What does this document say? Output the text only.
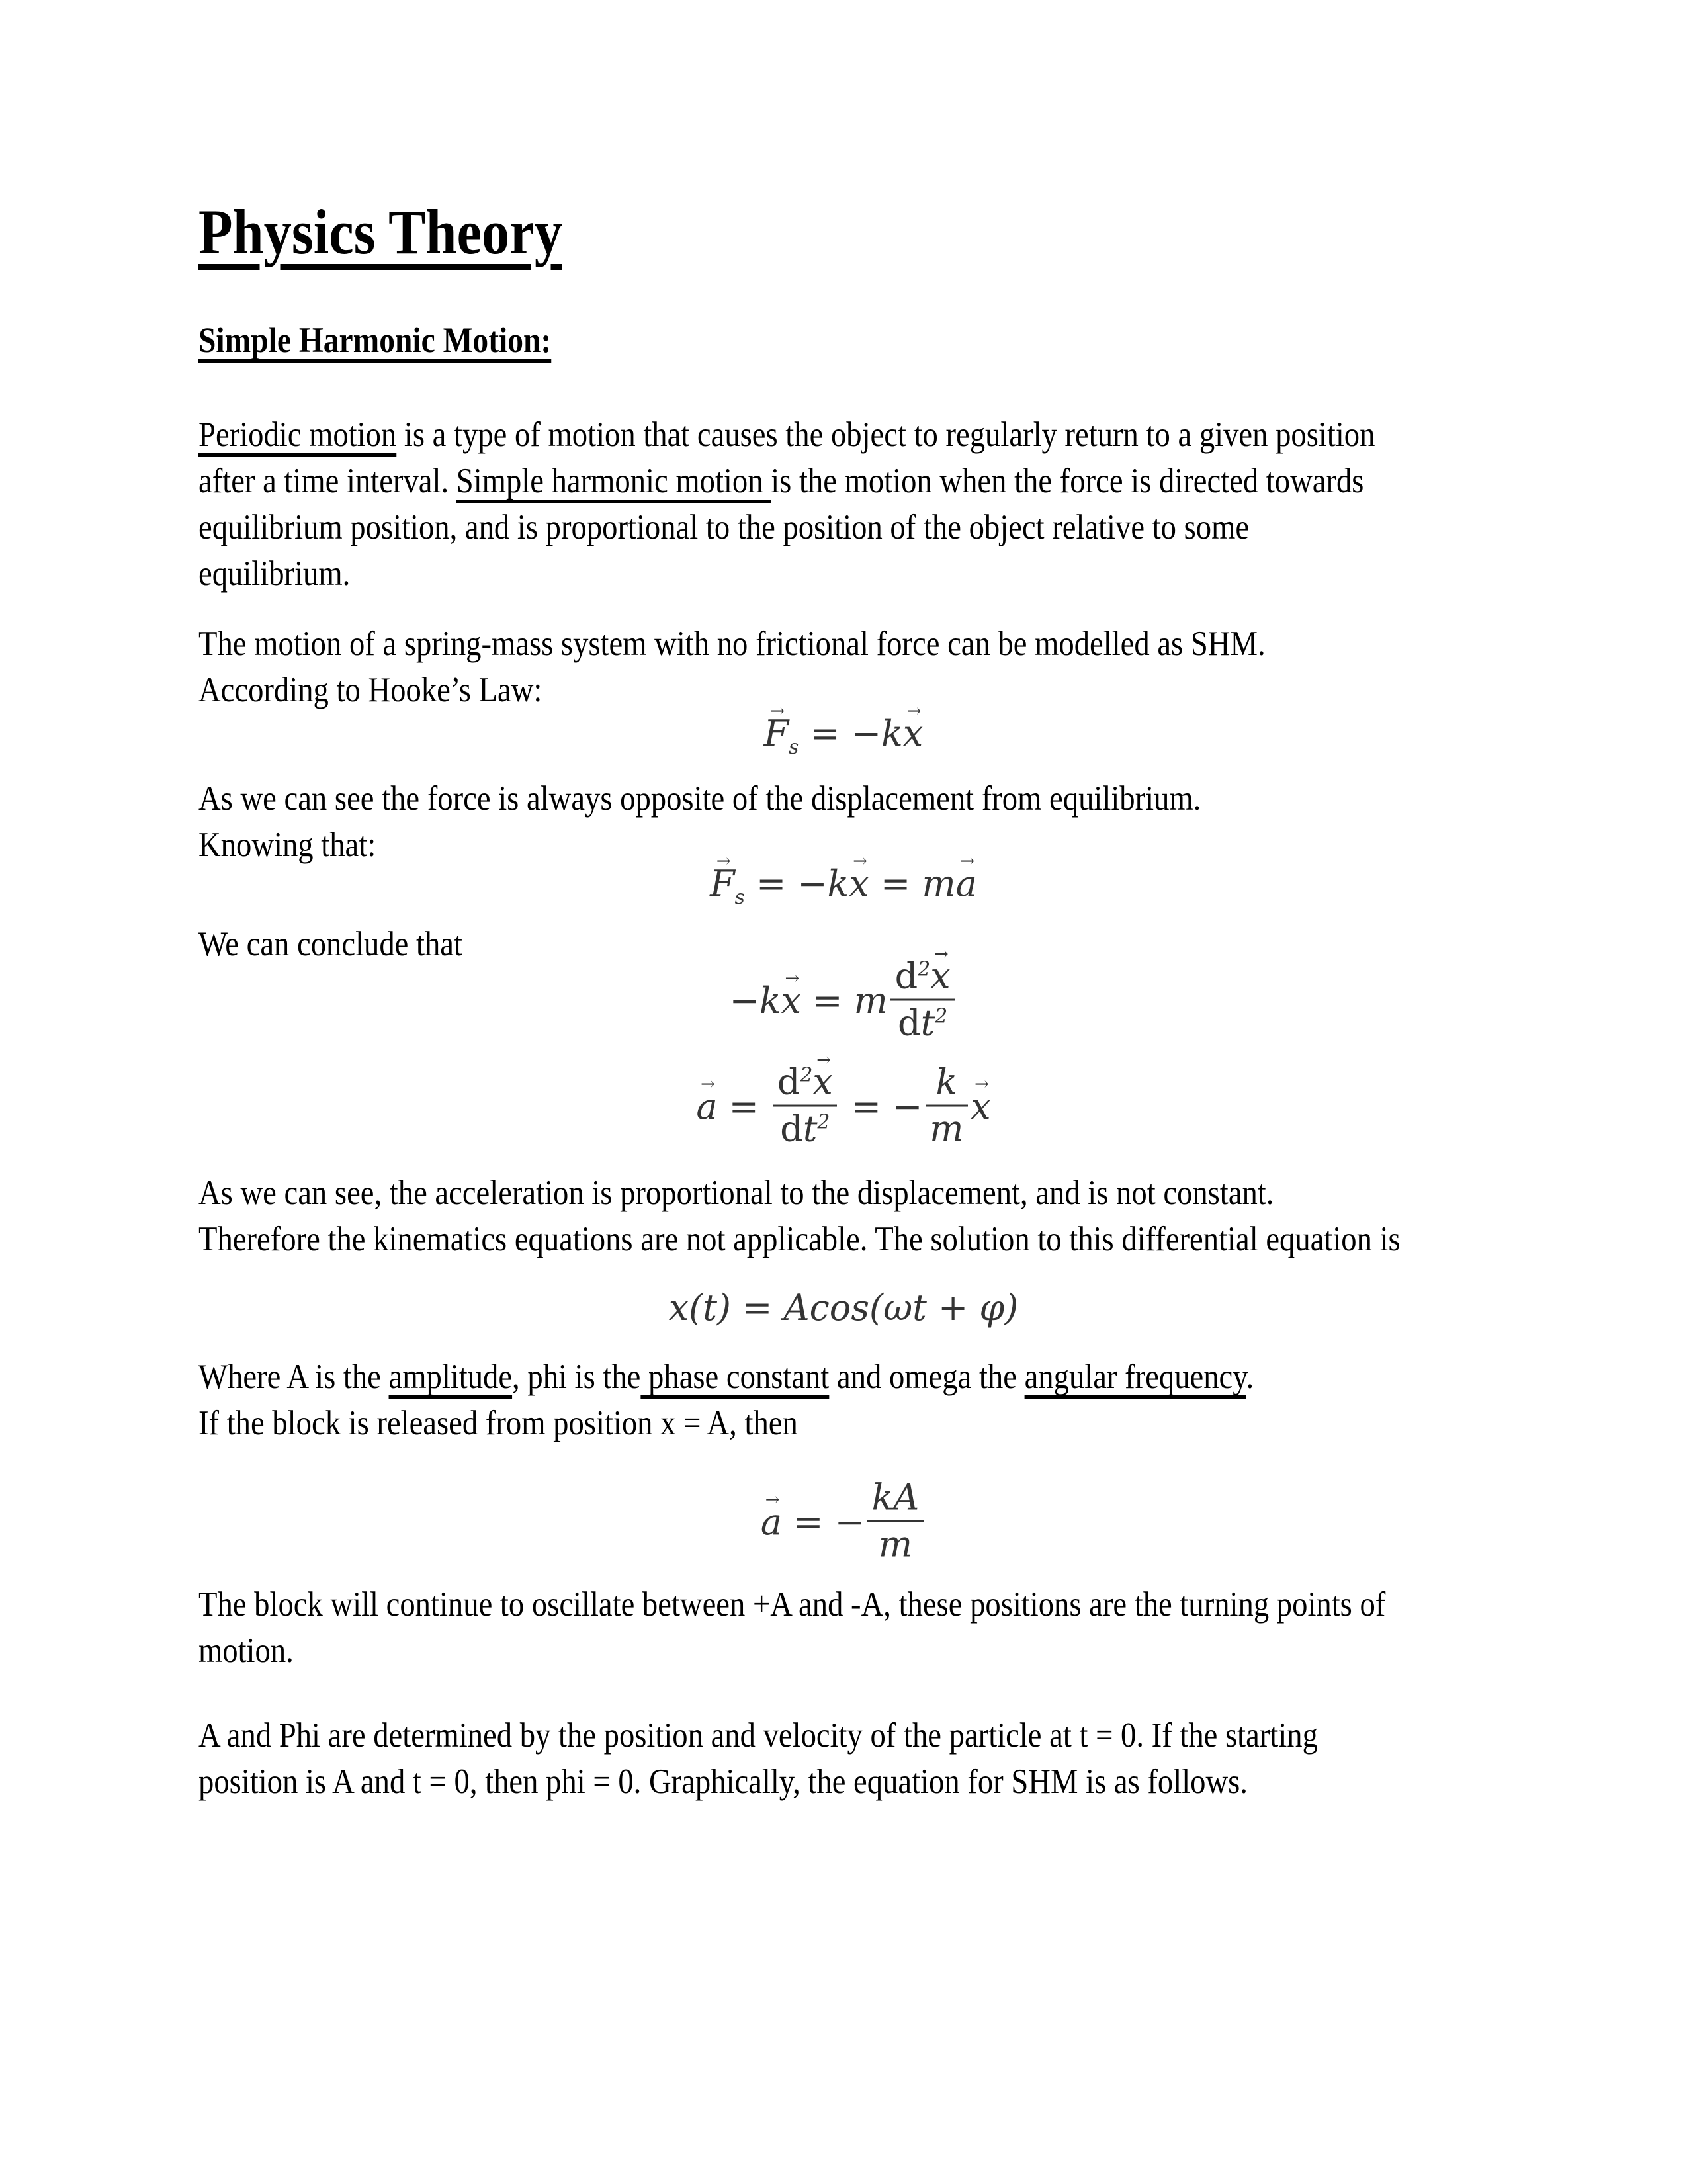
Physics Theory
Simple Harmonic Motion:
Periodic motion is a type of motion that causes the object to regularly return to a given position
after a time interval. Simple harmonic motion is the motion when the force is directed towards
equilibrium position, and is proportional to the position of the object relative to some
equilibrium.
The motion of a spring-mass system with no frictional force can be modelled as SHM.
According to Hooke’s Law:
$F \to_s = -kx$ →
As we can see the force is always opposite of the displacement from equilibrium.
Knowing that:
$F \to_s = -kx$ → = ma →
We can conclude that
−kx → = m $\frac{d^2x \to}{dt^2}$
a → = $\frac{d^2x \to}{dt^2}$ = − $\frac{k}{m}$ x →
As we can see, the acceleration is proportional to the displacement, and is not constant.
Therefore the kinematics equations are not applicable. The solution to this differential equation is
x(t) = Acos(ωt + φ)
Where A is the amplitude, phi is the phase constant and omega the angular frequency.
If the block is released from position x = A, then
a → = − $\frac{kA}{m}$
The block will continue to oscillate between +A and -A, these positions are the turning points of
motion.
A and Phi are determined by the position and velocity of the particle at t = 0. If the starting
position is A and t = 0, then phi = 0. Graphically, the equation for SHM is as follows.
